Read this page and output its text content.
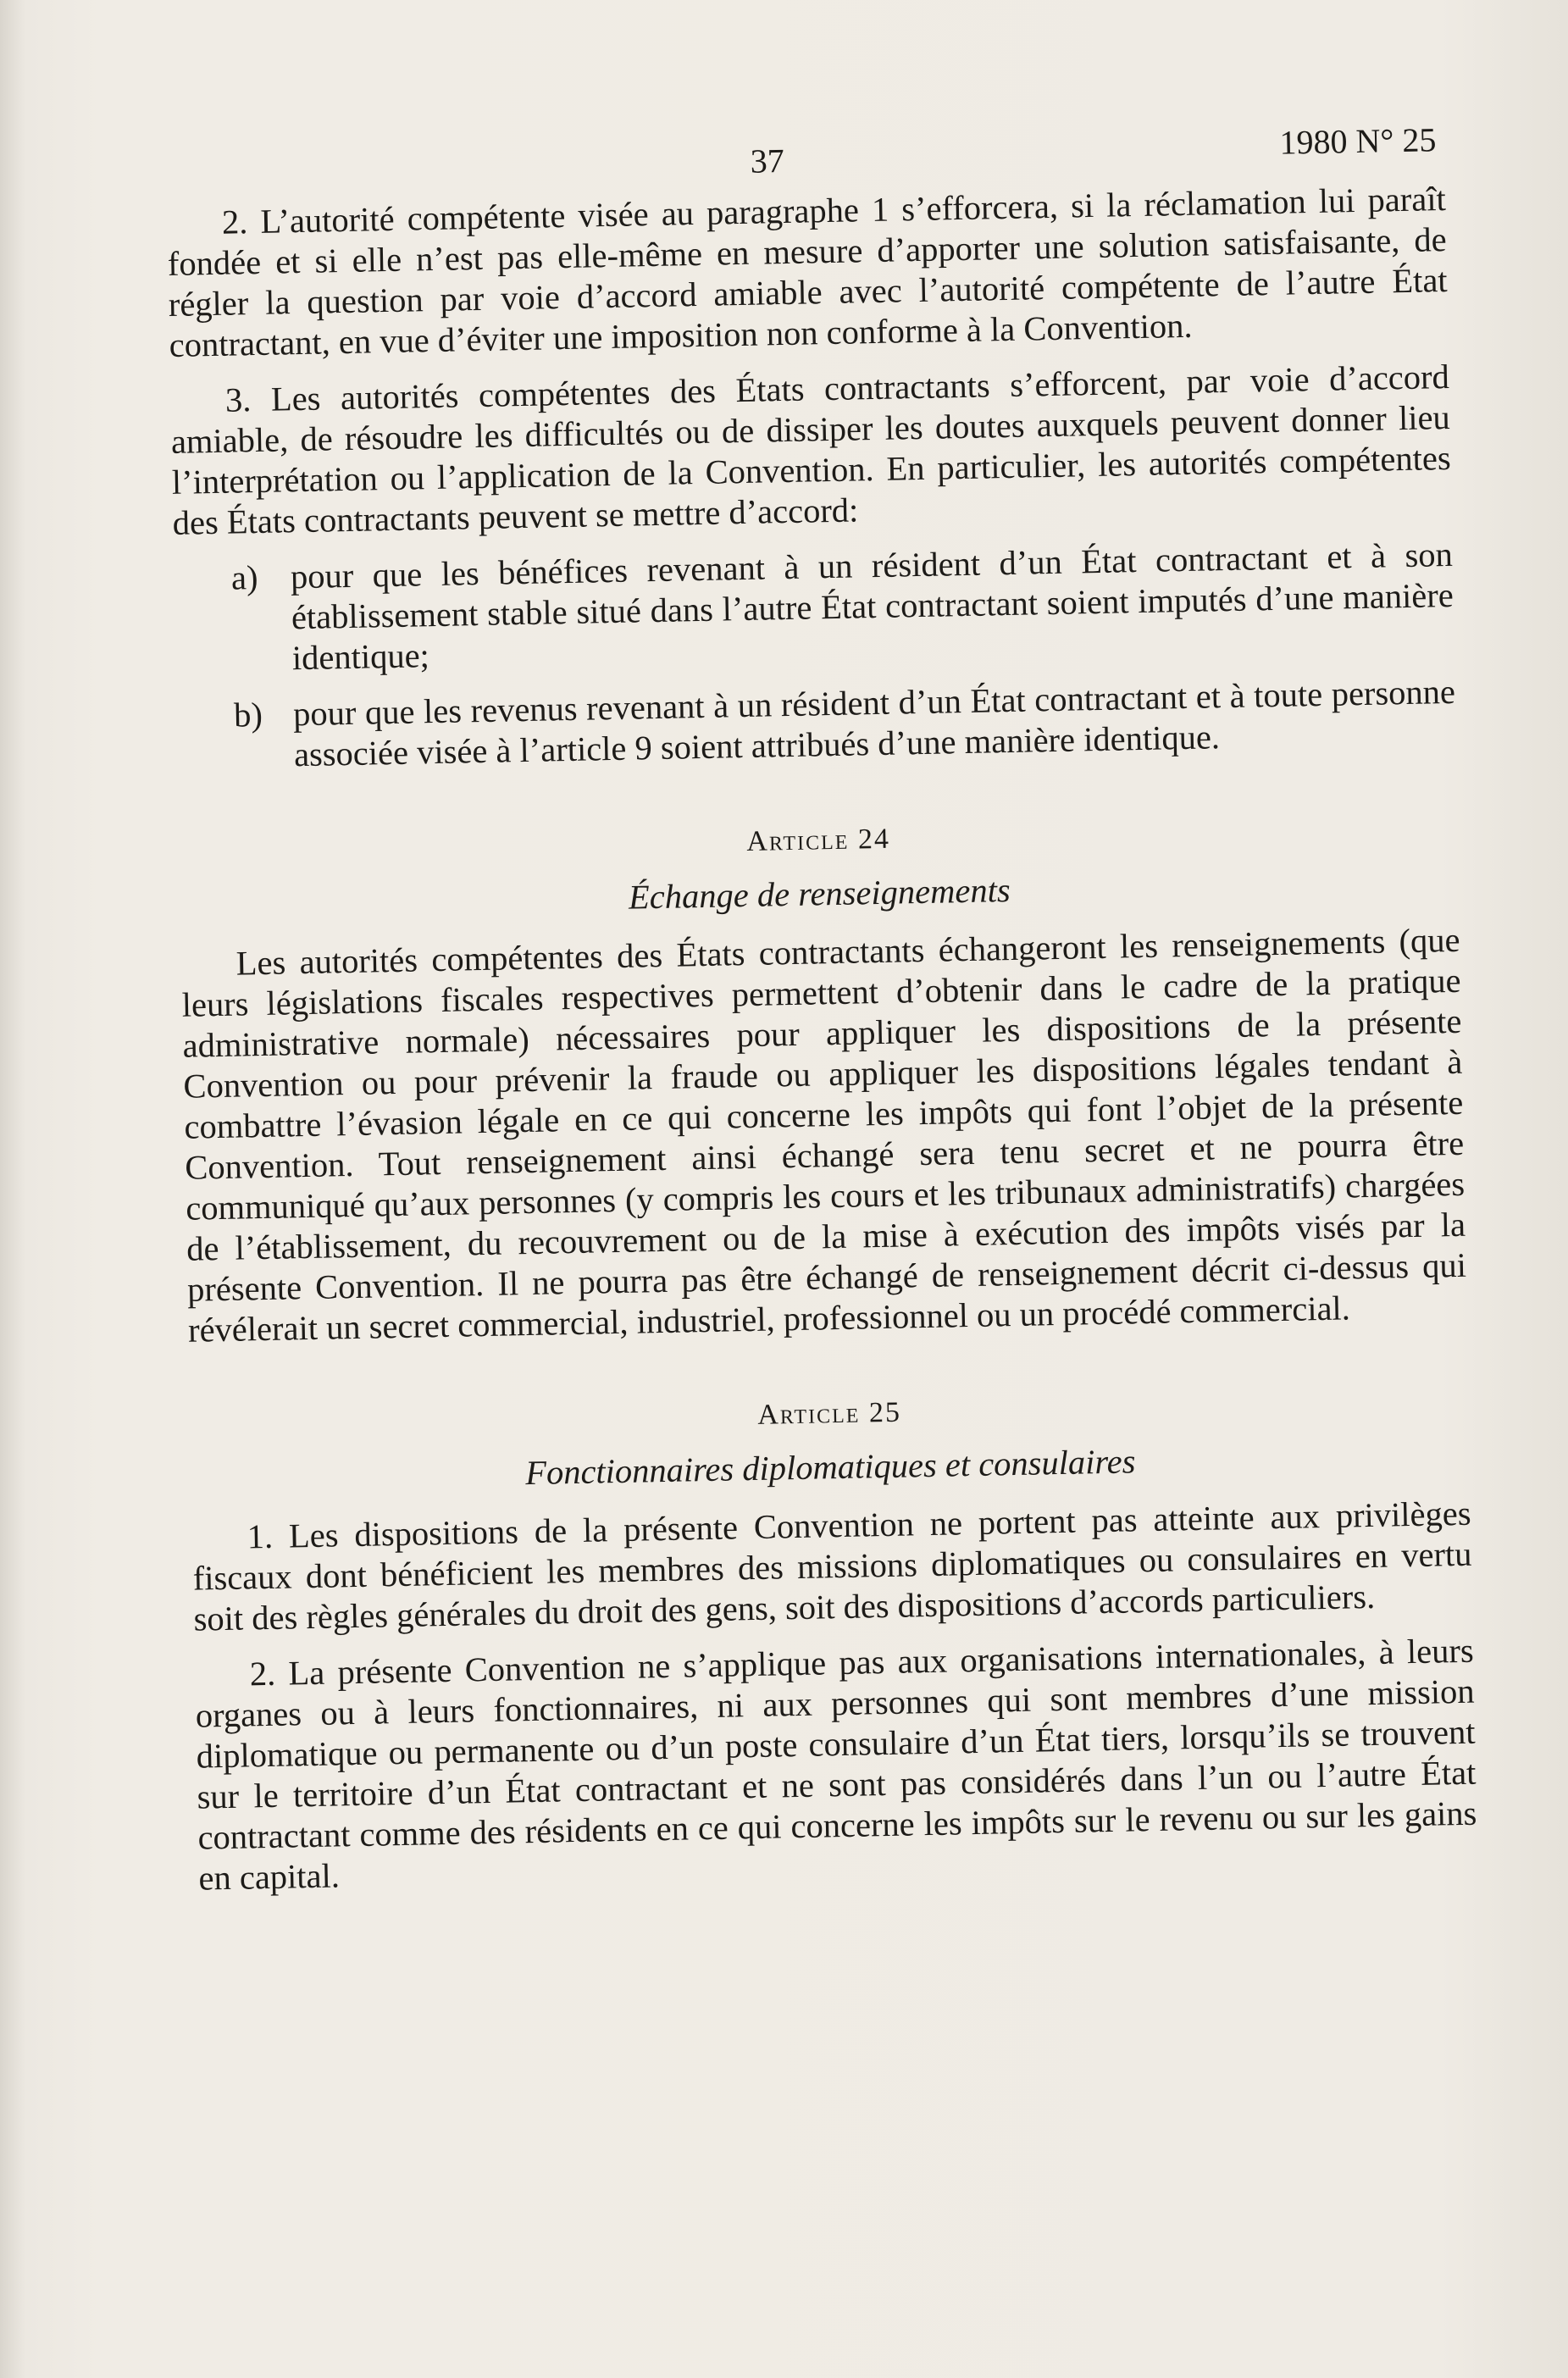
37	1980 N° 25

2. L’autorité compétente visée au paragraphe 1 s’efforcera, si la réclamation lui paraît fondée et si elle n’est pas elle-même en mesure d’apporter une solution satisfaisante, de régler la question par voie d’accord amiable avec l’autorité compétente de l’autre État contractant, en vue d’éviter une imposition non conforme à la Convention.

3. Les autorités compétentes des États contractants s’efforcent, par voie d’accord amiable, de résoudre les difficultés ou de dissiper les doutes auxquels peuvent donner lieu l’interprétation ou l’application de la Convention. En particulier, les autorités compétentes des États contractants peuvent se mettre d’accord:

a) pour que les bénéfices revenant à un résident d’un État contractant et à son établissement stable situé dans l’autre État contractant soient imputés d’une manière identique;
b) pour que les revenus revenant à un résident d’un État contractant et à toute personne associée visée à l’article 9 soient attribués d’une manière identique.
Article 24
Échange de renseignements

Les autorités compétentes des États contractants échangeront les renseignements (que leurs législations fiscales respectives permettent d’obtenir dans le cadre de la pratique administrative normale) nécessaires pour appliquer les dispositions de la présente Convention ou pour prévenir la fraude ou appliquer les dispositions légales tendant à combattre l’évasion légale en ce qui concerne les impôts qui font l’objet de la présente Convention. Tout renseignement ainsi échangé sera tenu secret et ne pourra être communiqué qu’aux personnes (y compris les cours et les tribunaux administratifs) chargées de l’établissement, du recouvrement ou de la mise à exécution des impôts visés par la présente Convention. Il ne pourra pas être échangé de renseignement décrit ci-dessus qui révélerait un secret commercial, industriel, professionnel ou un procédé commercial.

Article 25
Fonctionnaires diplomatiques et consulaires

1. Les dispositions de la présente Convention ne portent pas atteinte aux privilèges fiscaux dont bénéficient les membres des missions diplomatiques ou consulaires en vertu soit des règles générales du droit des gens, soit des dispositions d’accords particuliers.

2. La présente Convention ne s’applique pas aux organisations internationales, à leurs organes ou à leurs fonctionnaires, ni aux personnes qui sont membres d’une mission diplomatique ou permanente ou d’un poste consulaire d’un État tiers, lorsqu’ils se trouvent sur le territoire d’un État contractant et ne sont pas considérés dans l’un ou l’autre État contractant comme des résidents en ce qui concerne les impôts sur le revenu ou sur les gains en capital.
